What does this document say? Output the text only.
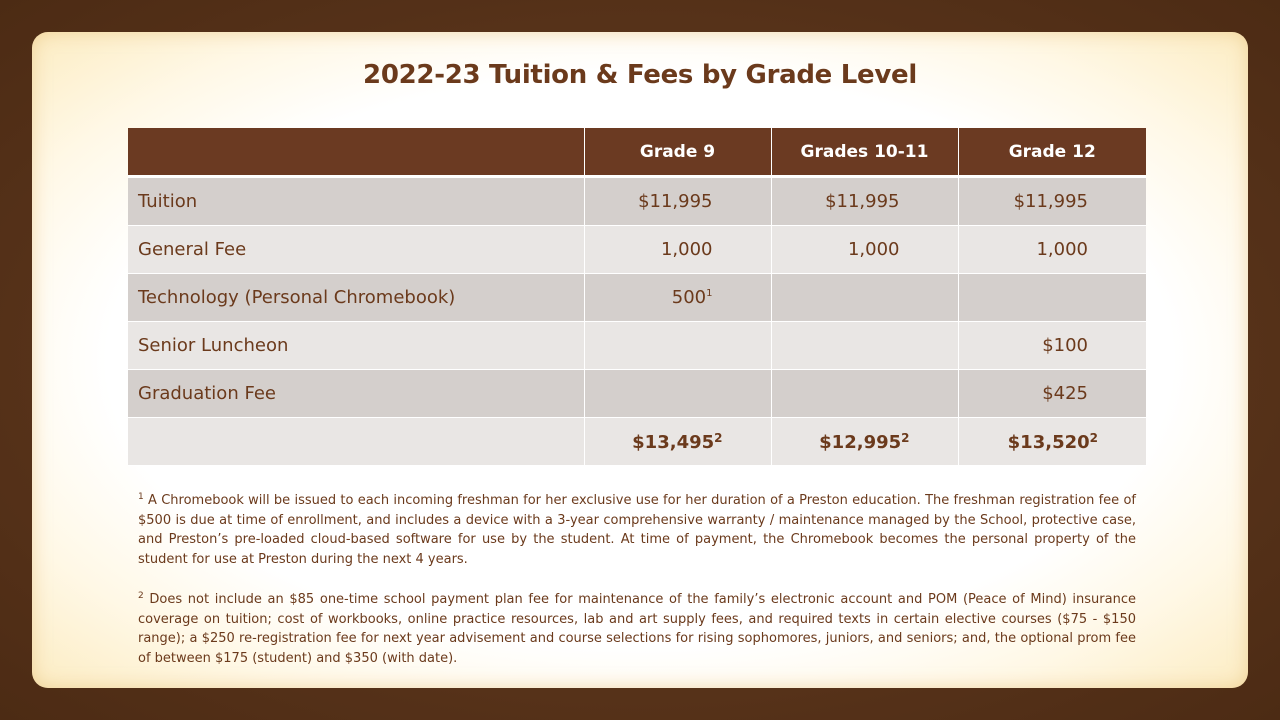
2022-23 Tuition & Fees by Grade Level
	Grade 9	Grades 10-11	Grade 12
Tuition	$11,995	$11,995	$11,995
General Fee	1,000	1,000	1,000
Technology (Personal Chromebook)	$500^1$		
Senior Luncheon			$100
Graduation Fee			$425
	$13,495$^2$	$12,995$^2$	$13,520$^2$

$^1$ A Chromebook will be issued to each incoming freshman for her exclusive use for her duration of a Preston education. The freshman registration fee of $500 is due at time of enrollment, and includes a device with a 3-year comprehensive warranty / maintenance managed by the School, protective case, and Preston’s pre-loaded cloud-based software for use by the student. At time of payment, the Chromebook becomes the personal property of the student for use at Preston during the next 4 years.

$^2$ Does not include an $85 one-time school payment plan fee for maintenance of the family’s electronic account and POM (Peace of Mind) insurance coverage on tuition; cost of workbooks, online practice resources, lab and art supply fees, and required texts in certain elective courses ($75 - $150 range); a $250 re-registration fee for next year advisement and course selections for rising sophomores, juniors, and seniors; and, the optional prom fee of between $175 (student) and $350 (with date).
